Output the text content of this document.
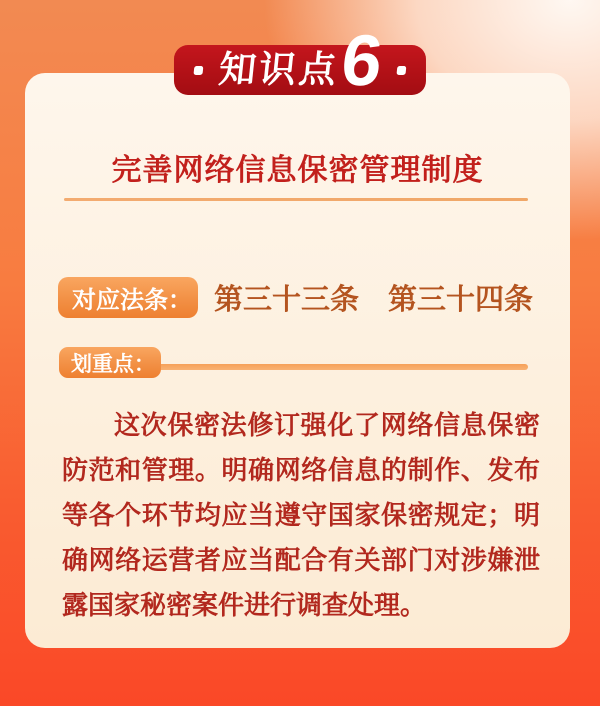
知识点
6
完善网络信息保密管理制度
对应法条： 第三十三条　第三十四条
划重点：
这次保密法修订强化了网络信息保密防范和管理。明确网络信息的制作、发布等各个环节均应当遵守国家保密规定；明确网络运营者应当配合有关部门对涉嫌泄露国家秘密案件进行调查处理。
